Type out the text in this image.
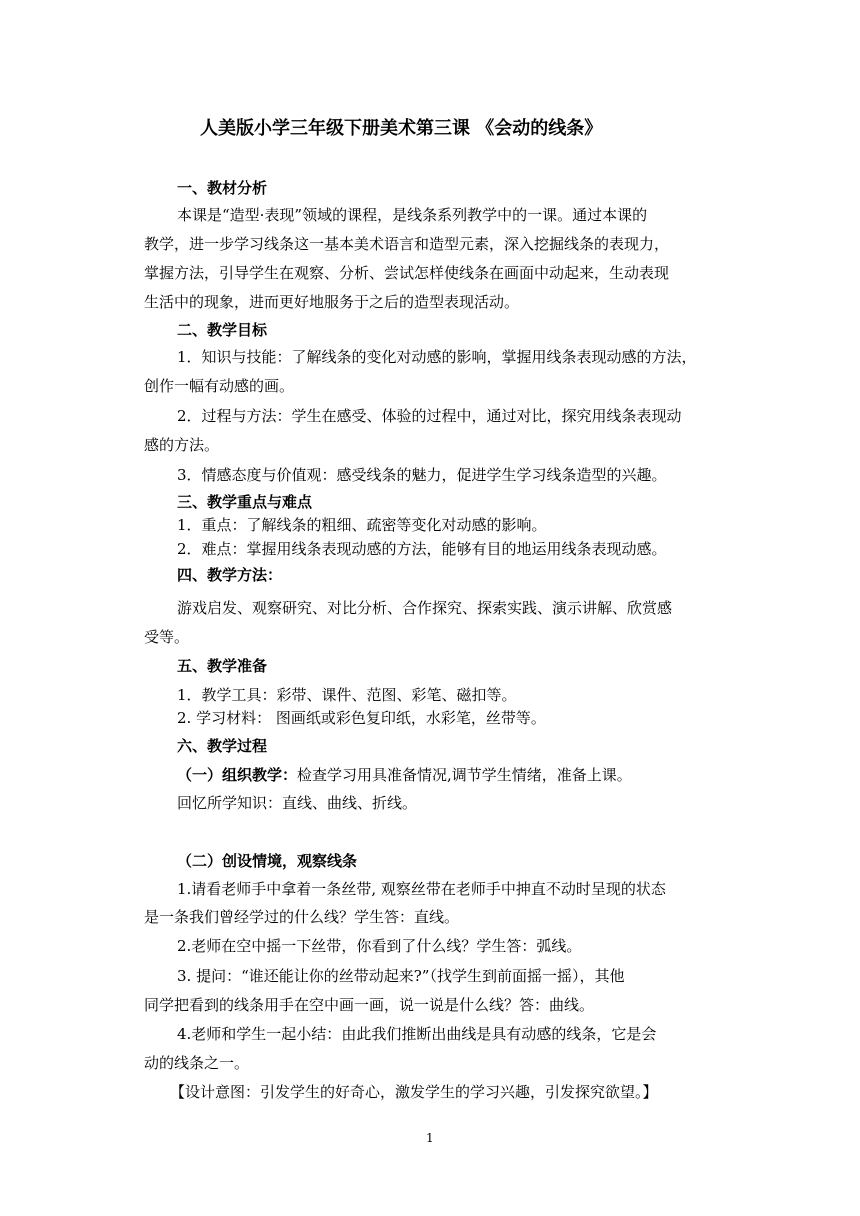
人美版小学三年级下册美术第三课 《会动的线条》
一、教材分析
本课是“造型·表现”领域的课程，是线条系列教学中的一课。通过本课的
教学，进一步学习线条这一基本美术语言和造型元素，深入挖掘线条的表现力，
掌握方法，引导学生在观察、分析、尝试怎样使线条在画面中动起来，生动表现
生活中的现象，进而更好地服务于之后的造型表现活动。
二、教学目标
1．知识与技能：了解线条的变化对动感的影响，掌握用线条表现动感的方法，
创作一幅有动感的画。
2．过程与方法：学生在感受、体验的过程中，通过对比，探究用线条表现动
感的方法。
3．情感态度与价值观：感受线条的魅力，促进学生学习线条造型的兴趣。
三、教学重点与难点
1．重点：了解线条的粗细、疏密等变化对动感的影响。
2．难点：掌握用线条表现动感的方法，能够有目的地运用线条表现动感。
四、教学方法：
游戏启发、观察研究、对比分析、合作探究、探索实践、演示讲解、欣赏感
受等。
五、教学准备
1．教学工具：彩带、课件、范图、彩笔、磁扣等。
2. 学习材料： 图画纸或彩色复印纸，水彩笔，丝带等。
六、教学过程
（一）组织教学：检查学习用具准备情况,调节学生情绪，准备上课。
回忆所学知识：直线、曲线、折线。
（二）创设情境，观察线条
1.请看老师手中拿着一条丝带, 观察丝带在老师手中抻直不动时呈现的状态
是一条我们曾经学过的什么线？学生答：直线。
2.老师在空中摇一下丝带，你看到了什么线？学生答：弧线。
3. 提问：“谁还能让你的丝带动起来?”（找学生到前面摇一摇），其他
同学把看到的线条用手在空中画一画，说一说是什么线？答：曲线。
4.老师和学生一起小结：由此我们推断出曲线是具有动感的线条，它是会
动的线条之一。
【设计意图：引发学生的好奇心，激发学生的学习兴趣，引发探究欲望。】
1
